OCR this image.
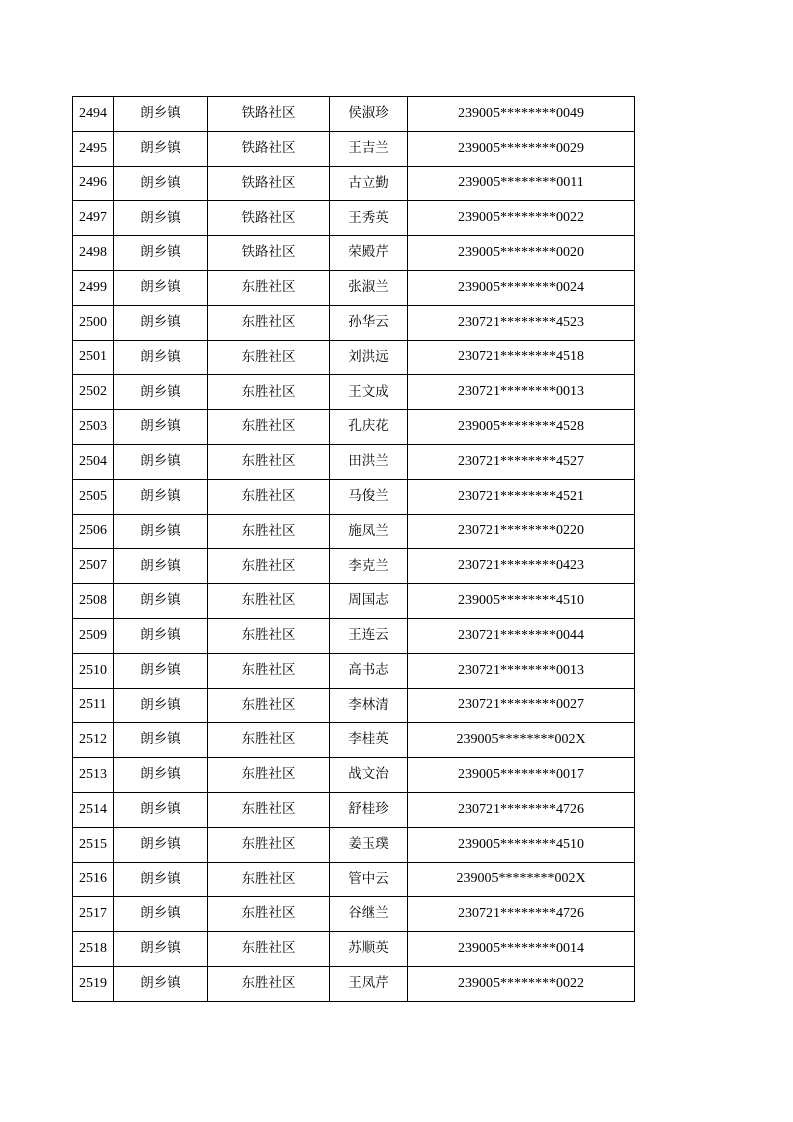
2494	朗乡镇	铁路社区	侯淑珍	239005********0049
2495	朗乡镇	铁路社区	王吉兰	239005********0029
2496	朗乡镇	铁路社区	古立勤	239005********0011
2497	朗乡镇	铁路社区	王秀英	239005********0022
2498	朗乡镇	铁路社区	荣殿芹	239005********0020
2499	朗乡镇	东胜社区	张淑兰	239005********0024
2500	朗乡镇	东胜社区	孙华云	230721********4523
2501	朗乡镇	东胜社区	刘洪远	230721********4518
2502	朗乡镇	东胜社区	王文成	230721********0013
2503	朗乡镇	东胜社区	孔庆花	239005********4528
2504	朗乡镇	东胜社区	田洪兰	230721********4527
2505	朗乡镇	东胜社区	马俊兰	230721********4521
2506	朗乡镇	东胜社区	施凤兰	230721********0220
2507	朗乡镇	东胜社区	李克兰	230721********0423
2508	朗乡镇	东胜社区	周国志	239005********4510
2509	朗乡镇	东胜社区	王连云	230721********0044
2510	朗乡镇	东胜社区	高书志	230721********0013
2511	朗乡镇	东胜社区	李林清	230721********0027
2512	朗乡镇	东胜社区	李桂英	239005********002X
2513	朗乡镇	东胜社区	战文治	239005********0017
2514	朗乡镇	东胜社区	舒桂珍	230721********4726
2515	朗乡镇	东胜社区	姜玉璞	239005********4510
2516	朗乡镇	东胜社区	管中云	239005********002X
2517	朗乡镇	东胜社区	谷继兰	230721********4726
2518	朗乡镇	东胜社区	苏顺英	239005********0014
2519	朗乡镇	东胜社区	王凤芹	239005********0022
